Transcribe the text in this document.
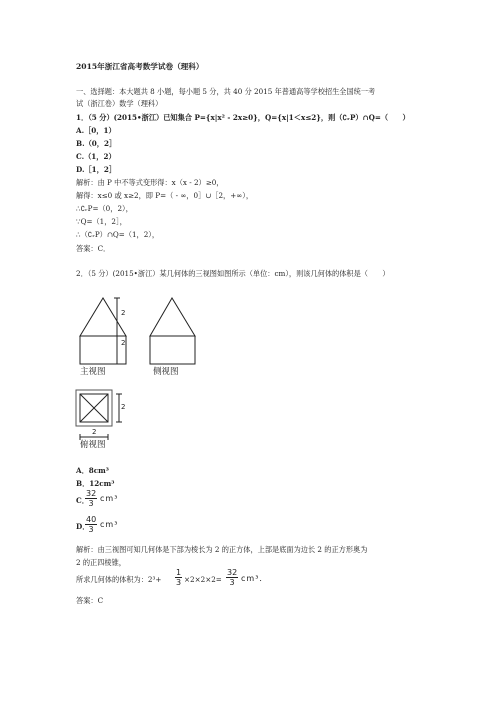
2015年浙江省高考数学试卷（理科）
一、选择题：本大题共 8 小题，每小题 5 分，共 40 分 2015 年普通高等学校招生全国统一考
试（浙江卷）数学（理科）
1．（5 分）(2015•浙江）已知集合 P={x|x² - 2x≥0}，Q={x|1＜x≤2}，则（∁ᵣP）∩Q=（　　）
A.［0，1）
B.（0，2］
C.（1，2）
D.［1，2］
解析：由 P 中不等式变形得：x（x - 2）≥0，
解得：x≤0 或 x≥2，即 P=（ - ∞，0］∪［2，+∞），
∴∁ᵣP=（0，2），
∵Q=（1，2］，
∴（∁ᵣP）∩Q=（1，2），
答案：C．
2．（5 分）(2015•浙江）某几何体的三视图如图所示（单位：cm），则该几何体的体积是（　　）
2
2
2
2
主视图	侧视图
俯视图
A．8cm³
B．12cm³
C．
$\frac{32}{3} cm^3$
D．
$\frac{40}{3} cm^3$
解析：由三视图可知几何体是下部为棱长为 2 的正方体，上部是底面为边长 2 的正方形奥为
2 的正四棱锥，
所求几何体的体积为：$2^3+ \frac{1}{3} \times 2\times 2\times 2= \frac{32}{3} cm^3$．
答案：C
